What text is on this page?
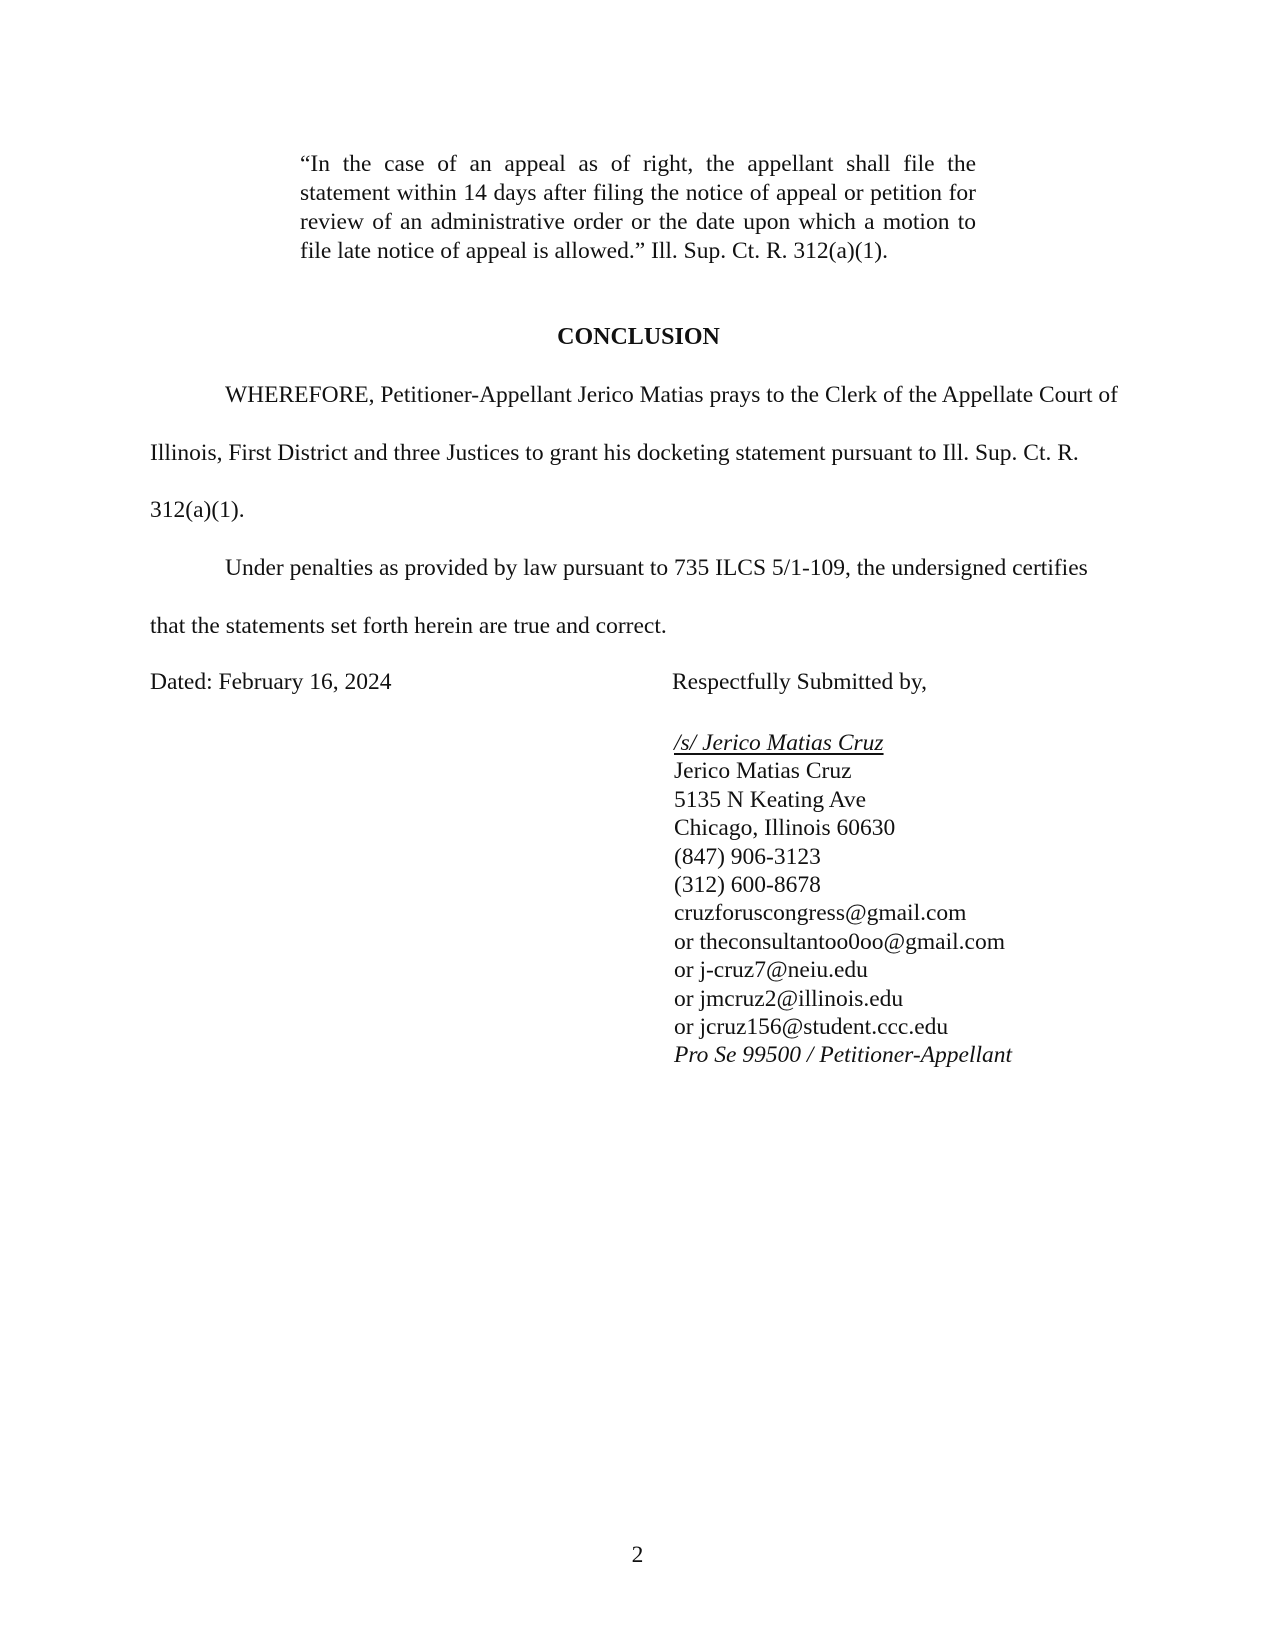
“In the case of an appeal as of right, the appellant shall file the statement within 14 days after filing the notice of appeal or petition for review of an administrative order or the date upon which a motion to file late notice of appeal is allowed.” Ill. Sup. Ct. R. 312(a)(1).
CONCLUSION
WHEREFORE, Petitioner-Appellant Jerico Matias prays to the Clerk of the Appellate Court of Illinois, First District and three Justices to grant his docketing statement pursuant to Ill. Sup. Ct. R. 312(a)(1).
Under penalties as provided by law pursuant to 735 ILCS 5/1-109, the undersigned certifies that the statements set forth herein are true and correct.
Dated: February 16, 2024	Respectfully Submitted by,
/s/ Jerico Matias Cruz
Jerico Matias Cruz
5135 N Keating Ave
Chicago, Illinois 60630
(847) 906-3123
(312) 600-8678
cruzforuscongress@gmail.com
or theconsultantoo0oo@gmail.com
or j-cruz7@neiu.edu
or jmcruz2@illinois.edu
or jcruz156@student.ccc.edu
Pro Se 99500 / Petitioner-Appellant
2
